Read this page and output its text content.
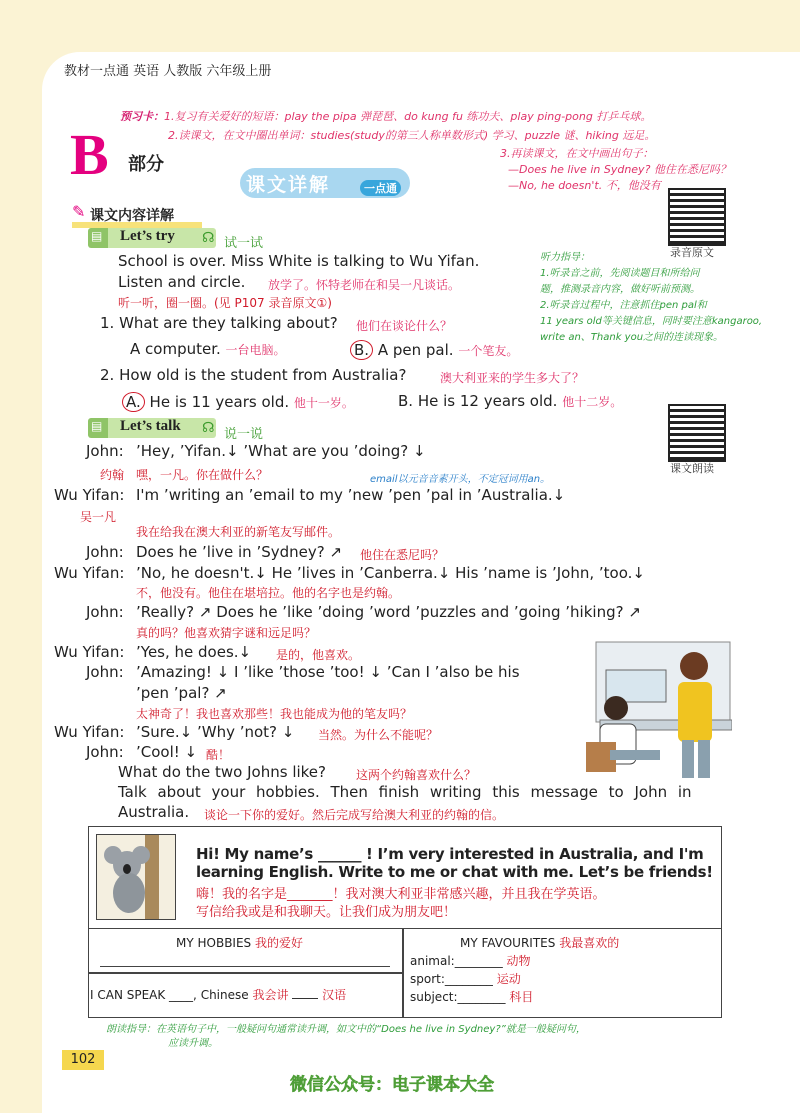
教材一点通 英语 人教版 六年级上册
预习卡：1.复习有关爱好的短语：play the pipa 弹琵琶、do kung fu 练功夫、play ping-pong 打乒乓球。
2.读课文，在文中圈出单词：studies(study的第三人称单数形式) 学习、puzzle 谜、hiking 远足。
3.再读课文，在文中画出句子：
—Does he live in Sydney? 他住在悉尼吗？
—No, he doesn't. 不，他没有
B 部分
课文详解	一点通
录音原文
课文朗读
✎ 课文内容详解
▤ Let’s try ☊ 试一试
School is over. Miss White is talking to Wu Yifan.
Listen and circle. 放学了。怀特老师在和吴一凡谈话。
听一听，圈一圈。(见 P107 录音原文①)
1. What are they talking about? 他们在谈论什么？
A computer. 一台电脑。	B. A pen pal. 一个笔友。
2. How old is the student from Australia?	澳大利亚来的学生多大了？
A. He is 11 years old. 他十一岁。	B. He is 12 years old. 他十二岁。
听力指导：
1.听录音之前，先阅读题目和所给问
题，推测录音内容，做好听前预测。
2.听录音过程中，注意抓住pen pal和
11 years old等关键信息，同时要注意kangaroo,
write an、Thank you之间的连读现象。
▤ Let’s talk ☊ 说一说
John: ’Hey, ’Yifan.↓ ’What are you ’doing? ↓
约翰 嘿，一凡。你在做什么？	email以元音音素开头，不定冠词用an。
Wu Yifan: I'm ’writing an ’email to my ’new ’pen ’pal in ’Australia.↓
吴一凡
我在给我在澳大利亚的新笔友写邮件。
John: Does he ’live in ’Sydney? ↗ 他住在悉尼吗？
Wu Yifan: ’No, he doesn't.↓ He ’lives in ’Canberra.↓ His ’name is ’John, ’too.↓
不，他没有。他住在堪培拉。他的名字也是约翰。
John: ’Really? ↗ Does he ’like ’doing ’word ’puzzles and ’going ’hiking? ↗
真的吗？他喜欢猜字谜和远足吗？
Wu Yifan: ’Yes, he does.↓ 是的，他喜欢。
John: ’Amazing! ↓ I ’like ’those ’too! ↓ ’Can I ’also be his
’pen ’pal? ↗
太神奇了！我也喜欢那些！我也能成为他的笔友吗？
Wu Yifan: ’Sure.↓ ’Why ’not? ↓ 当然。为什么不能呢？
John: ’Cool! ↓ 酷！
What do the two Johns like? 这两个约翰喜欢什么？
Talk about your hobbies. Then finish writing this message to John in
Australia. 谈论一下你的爱好。然后完成写给澳大利亚的约翰的信。
Hi! My name’s ______ ! I’m very interested in Australia, and I'm
learning English. Write to me or chat with me. Let’s be friends!
嗨！我的名字是_______！我对澳大利亚非常感兴趣，并且我在学英语。
写信给我或是和我聊天。让我们成为朋友吧！
MY HOBBIES 我的爱好
I CAN SPEAK ____, Chinese 我会讲	汉语
MY FAVOURITES 我最喜欢的
animal:________ 动物
sport:________ 运动
subject:________ 科目
朗读指导：在英语句子中，一般疑问句通常读升调，如文中的“Does he live in Sydney?”就是一般疑问句，
应读升调。
102
微信公众号：电子课本大全
